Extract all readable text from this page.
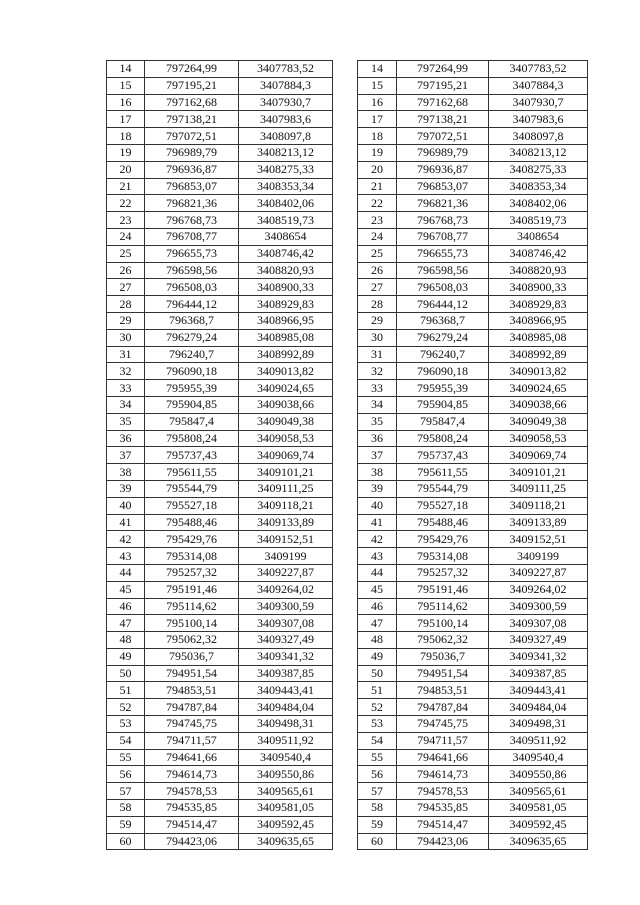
14	797264,99	3407783,52
15	797195,21	3407884,3
16	797162,68	3407930,7
17	797138,21	3407983,6
18	797072,51	3408097,8
19	796989,79	3408213,12
20	796936,87	3408275,33
21	796853,07	3408353,34
22	796821,36	3408402,06
23	796768,73	3408519,73
24	796708,77	3408654
25	796655,73	3408746,42
26	796598,56	3408820,93
27	796508,03	3408900,33
28	796444,12	3408929,83
29	796368,7	3408966,95
30	796279,24	3408985,08
31	796240,7	3408992,89
32	796090,18	3409013,82
33	795955,39	3409024,65
34	795904,85	3409038,66
35	795847,4	3409049,38
36	795808,24	3409058,53
37	795737,43	3409069,74
38	795611,55	3409101,21
39	795544,79	3409111,25
40	795527,18	3409118,21
41	795488,46	3409133,89
42	795429,76	3409152,51
43	795314,08	3409199
44	795257,32	3409227,87
45	795191,46	3409264,02
46	795114,62	3409300,59
47	795100,14	3409307,08
48	795062,32	3409327,49
49	795036,7	3409341,32
50	794951,54	3409387,85
51	794853,51	3409443,41
52	794787,84	3409484,04
53	794745,75	3409498,31
54	794711,57	3409511,92
55	794641,66	3409540,4
56	794614,73	3409550,86
57	794578,53	3409565,61
58	794535,85	3409581,05
59	794514,47	3409592,45
60	794423,06	3409635,65
14	797264,99	3407783,52
15	797195,21	3407884,3
16	797162,68	3407930,7
17	797138,21	3407983,6
18	797072,51	3408097,8
19	796989,79	3408213,12
20	796936,87	3408275,33
21	796853,07	3408353,34
22	796821,36	3408402,06
23	796768,73	3408519,73
24	796708,77	3408654
25	796655,73	3408746,42
26	796598,56	3408820,93
27	796508,03	3408900,33
28	796444,12	3408929,83
29	796368,7	3408966,95
30	796279,24	3408985,08
31	796240,7	3408992,89
32	796090,18	3409013,82
33	795955,39	3409024,65
34	795904,85	3409038,66
35	795847,4	3409049,38
36	795808,24	3409058,53
37	795737,43	3409069,74
38	795611,55	3409101,21
39	795544,79	3409111,25
40	795527,18	3409118,21
41	795488,46	3409133,89
42	795429,76	3409152,51
43	795314,08	3409199
44	795257,32	3409227,87
45	795191,46	3409264,02
46	795114,62	3409300,59
47	795100,14	3409307,08
48	795062,32	3409327,49
49	795036,7	3409341,32
50	794951,54	3409387,85
51	794853,51	3409443,41
52	794787,84	3409484,04
53	794745,75	3409498,31
54	794711,57	3409511,92
55	794641,66	3409540,4
56	794614,73	3409550,86
57	794578,53	3409565,61
58	794535,85	3409581,05
59	794514,47	3409592,45
60	794423,06	3409635,65
